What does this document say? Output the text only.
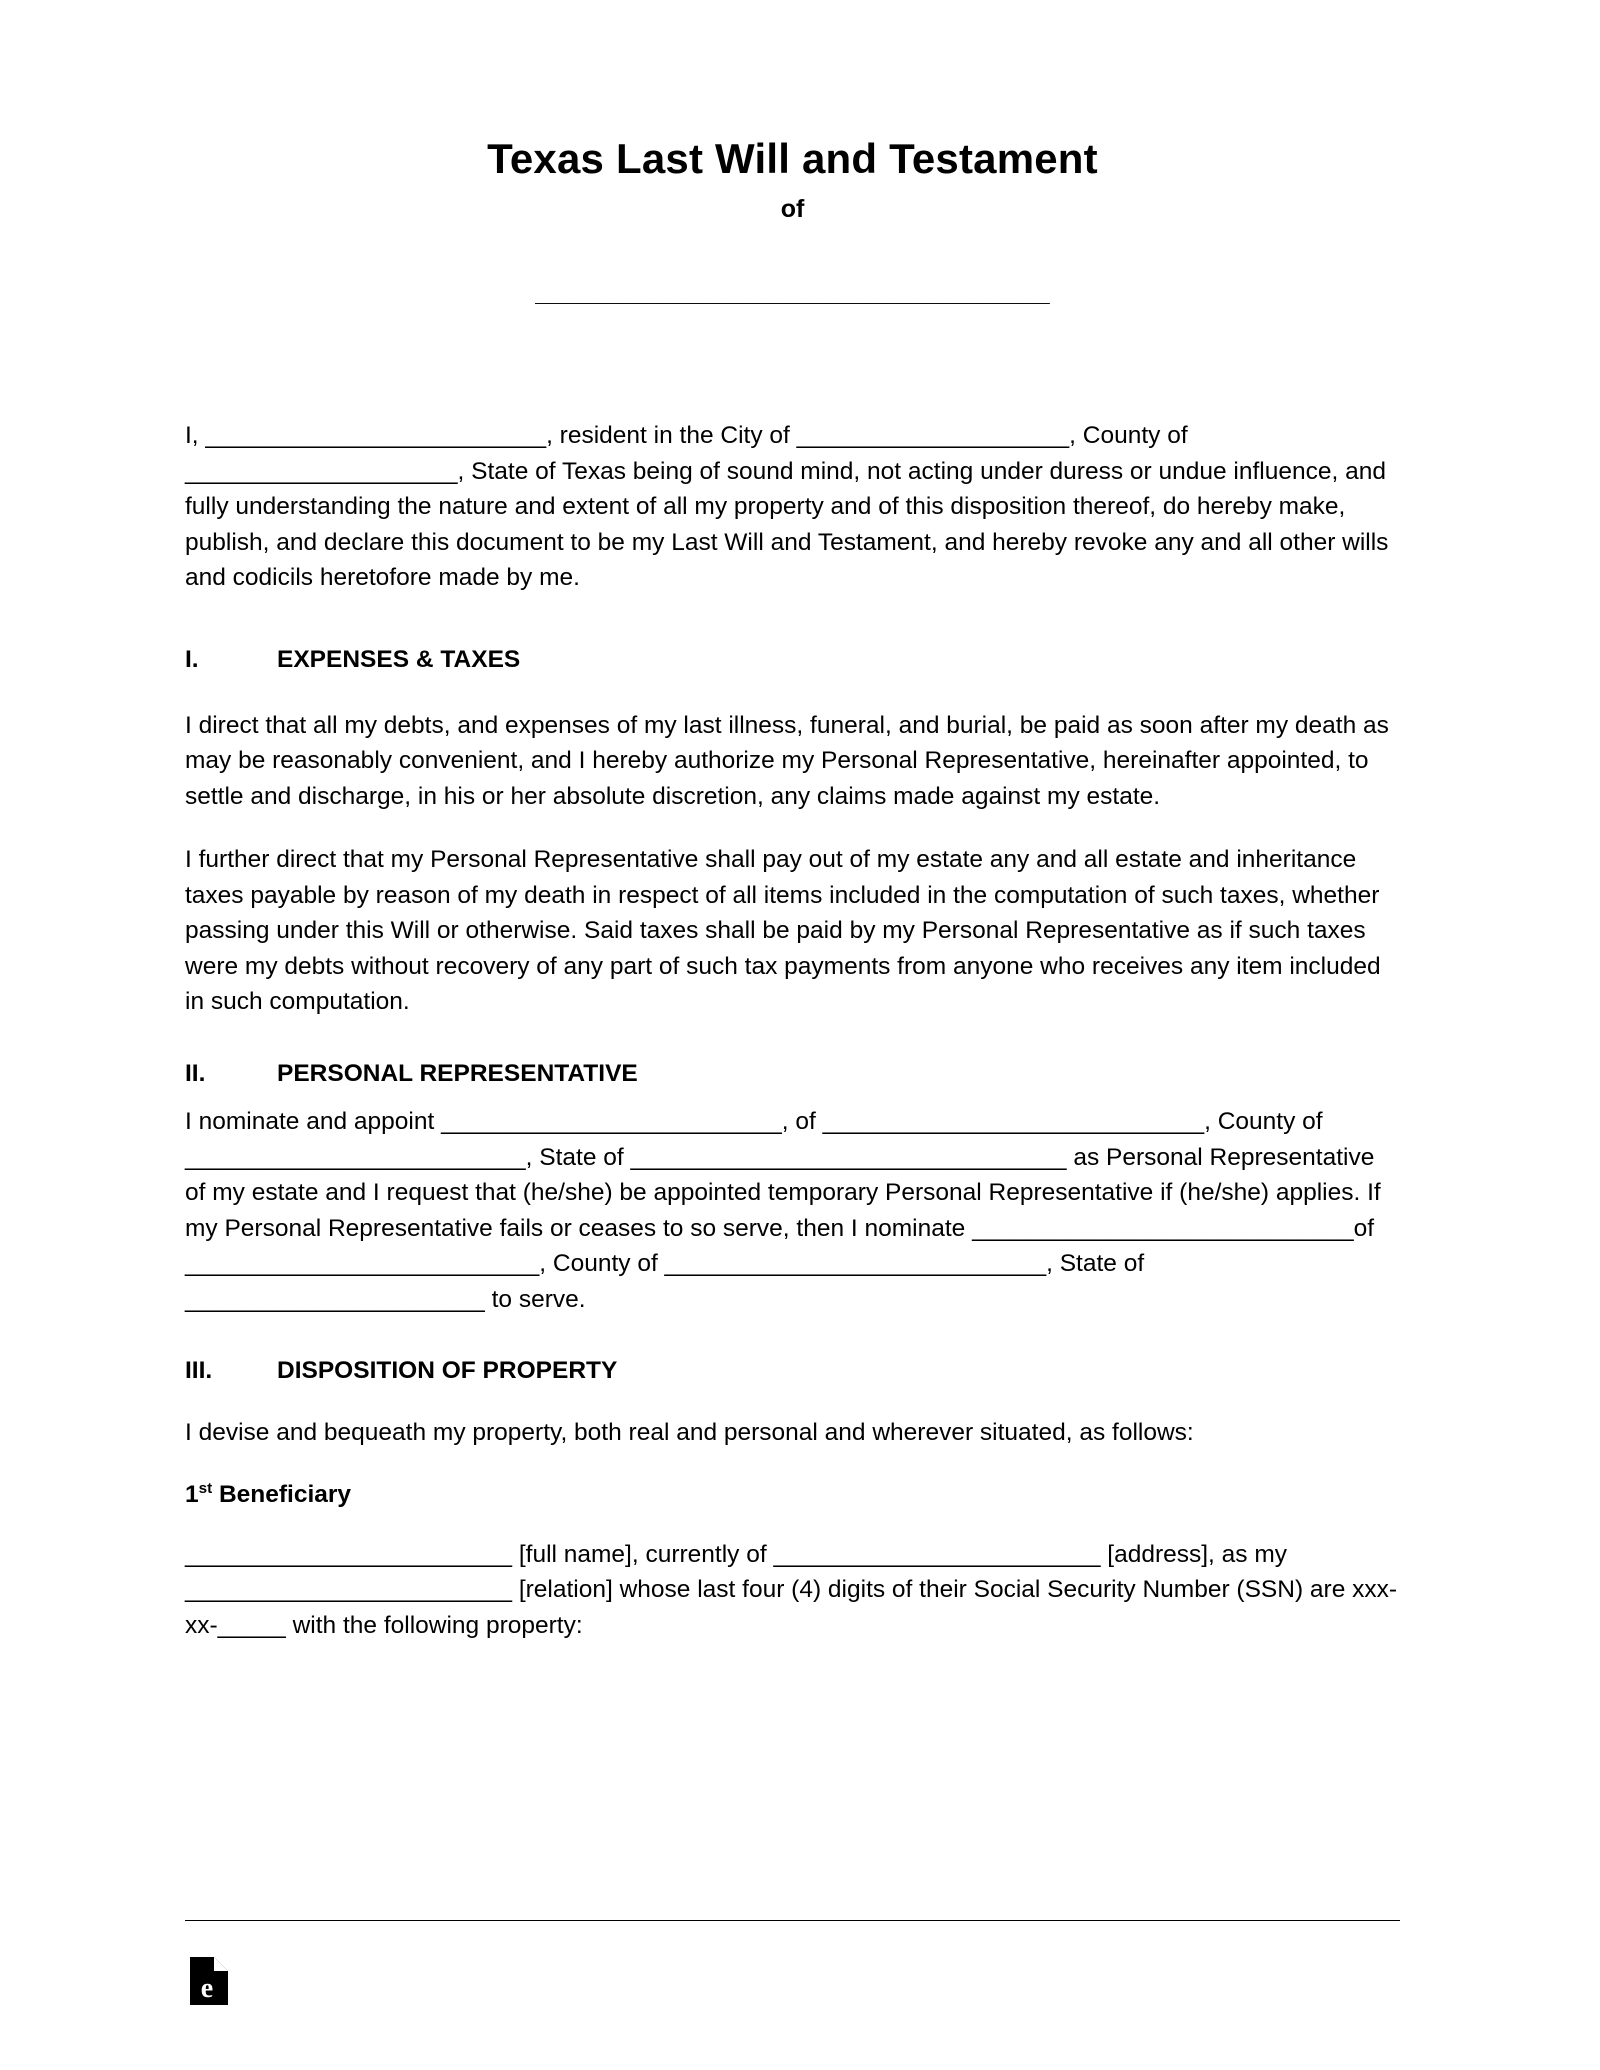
Texas Last Will and Testament
of
_____________________________________

I, _________________________, resident in the City of ____________________, County of ____________________, State of Texas being of sound mind, not acting under duress or undue influence, and fully understanding the nature and extent of all my property and of this disposition thereof, do hereby make, publish, and declare this document to be my Last Will and Testament, and hereby revoke any and all other wills and codicils heretofore made by me.

I.	EXPENSES & TAXES

I direct that all my debts, and expenses of my last illness, funeral, and burial, be paid as soon after my death as may be reasonably convenient, and I hereby authorize my Personal Representative, hereinafter appointed, to settle and discharge, in his or her absolute discretion, any claims made against my estate.

I further direct that my Personal Representative shall pay out of my estate any and all estate and inheritance taxes payable by reason of my death in respect of all items included in the computation of such taxes, whether passing under this Will or otherwise. Said taxes shall be paid by my Personal Representative as if such taxes were my debts without recovery of any part of such tax payments from anyone who receives any item included in such computation.

II.	PERSONAL REPRESENTATIVE

I nominate and appoint _________________________, of ____________________________, County of _________________________, State of ________________________________ as Personal Representative of my estate and I request that (he/she) be appointed temporary Personal Representative if (he/she) applies. If my Personal Representative fails or ceases to so serve, then I nominate ____________________________of __________________________, County of ____________________________, State of ______________________ to serve.

III.	DISPOSITION OF PROPERTY

I devise and bequeath my property, both real and personal and wherever situated, as follows:

1st Beneficiary

________________________ [full name], currently of ________________________ [address], as my ________________________ [relation] whose last four (4) digits of their Social Security Number (SSN) are xxx-xx-_____ with the following property:

e
